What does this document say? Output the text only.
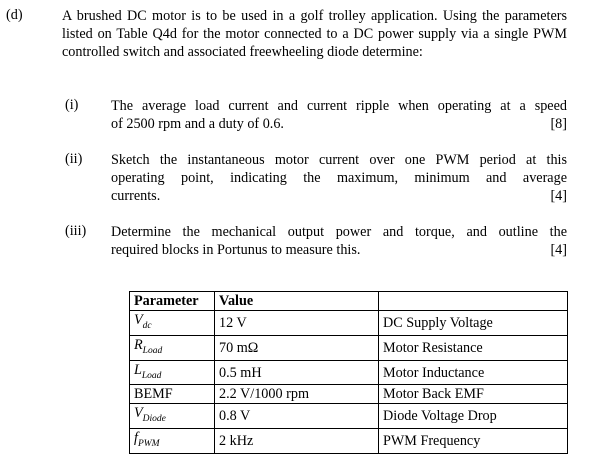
(d)	A brushed DC motor is to be used in a golf trolley application. Using the parameters listed on Table Q4d for the motor connected to a DC power supply via a single PWM controlled switch and associated freewheeling diode determine:
(i) The average load current and current ripple when operating at a speed
of 2500 rpm and a duty of 0.6.	[8]
(ii) Sketch the instantaneous motor current over one PWM period at this
operating point, indicating the maximum, minimum and average
currents.	[4]
(iii) Determine the mechanical output power and torque, and outline the
required blocks in Portunus to measure this.	[4]
Parameter	Value	
$V_{dc}$	12 V	DC Supply Voltage
$R_{Load}$	70 mΩ	Motor Resistance
$L_{Load}$	0.5 mH	Motor Inductance
BEMF	2.2 V/1000 rpm	Motor Back EMF
$V_{Diode}$	0.8 V	Diode Voltage Drop
$f_{PWM}$	2 kHz	PWM Frequency
